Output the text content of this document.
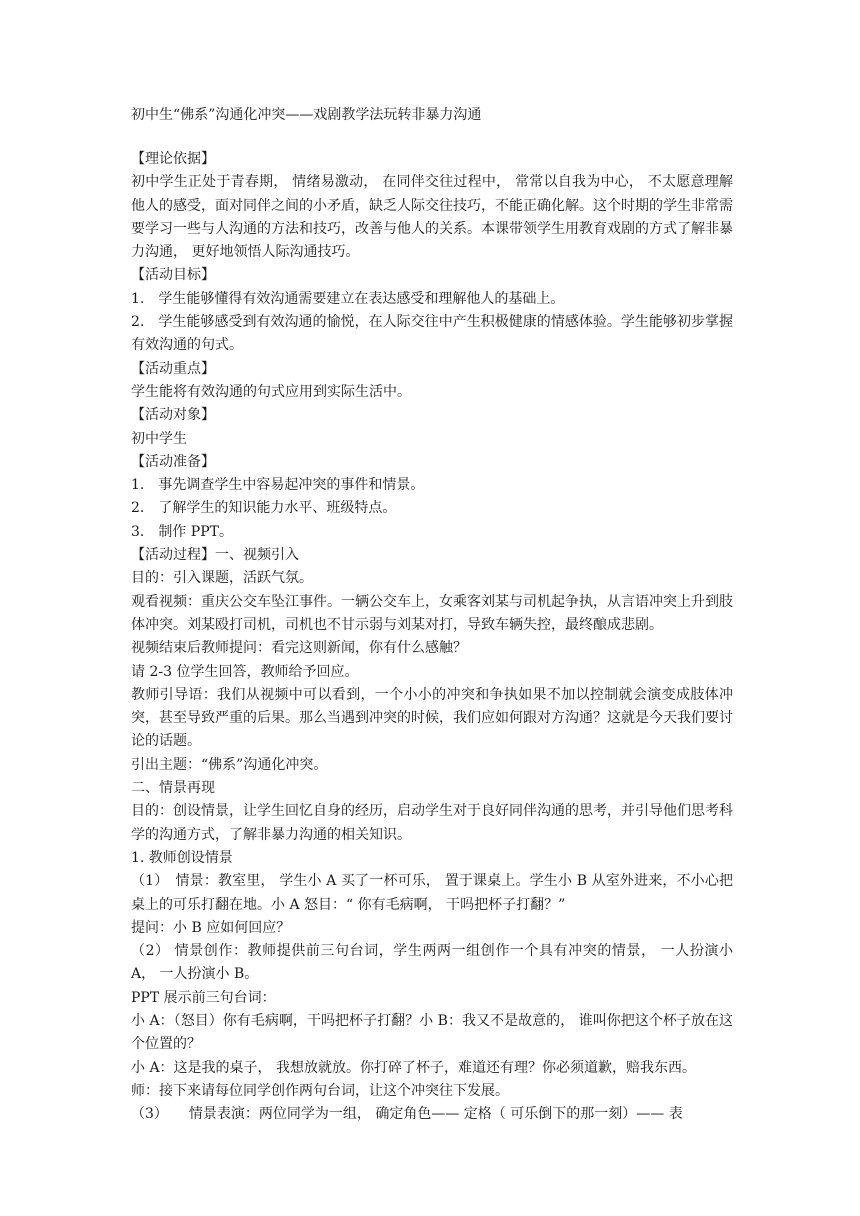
初中生“佛系”沟通化冲突——戏剧教学法玩转非暴力沟通

【理论依据】

初中学生正处于青春期， 情绪易激动， 在同伴交往过程中， 常常以自我为中心， 不太愿意理解他人的感受，面对同伴之间的小矛盾，缺乏人际交往技巧，不能正确化解。这个时期的学生非常需要学习一些与人沟通的方法和技巧，改善与他人的关系。本课带领学生用教育戏剧的方式了解非暴力沟通， 更好地领悟人际沟通技巧。

【活动目标】

1.　学生能够懂得有效沟通需要建立在表达感受和理解他人的基础上。

2.　学生能够感受到有效沟通的愉悦，在人际交往中产生积极健康的情感体验。学生能够初步掌握有效沟通的句式。

【活动重点】

学生能将有效沟通的句式应用到实际生活中。

【活动对象】

初中学生

【活动准备】

1.　事先调查学生中容易起冲突的事件和情景。

2.　了解学生的知识能力水平、班级特点。

3.　制作 PPT。

【活动过程】一、视频引入

目的：引入课题，活跃气氛。

观看视频：重庆公交车坠江事件。一辆公交车上，女乘客刘某与司机起争执，从言语冲突上升到肢体冲突。刘某殴打司机，司机也不甘示弱与刘某对打，导致车辆失控，最终酿成悲剧。

视频结束后教师提问：看完这则新闻，你有什么感触？

请 2-3 位学生回答，教师给予回应。

教师引导语：我们从视频中可以看到，一个小小的冲突和争执如果不加以控制就会演变成肢体冲突，甚至导致严重的后果。那么当遇到冲突的时候，我们应如何跟对方沟通？这就是今天我们要讨论的话题。

引出主题：“佛系”沟通化冲突。

二、情景再现

目的：创设情景，让学生回忆自身的经历，启动学生对于良好同伴沟通的思考，并引导他们思考科学的沟通方式，了解非暴力沟通的相关知识。

1. 教师创设情景

（1）　情景：教室里， 学生小 A 买了一杯可乐， 置于课桌上。学生小 B 从室外进来，不小心把桌上的可乐打翻在地。小 A 怒目：“ 你有毛病啊， 干吗把杯子打翻？”

提问：小 B 应如何回应？

（2） 情景创作：教师提供前三句台词，学生两两一组创作一个具有冲突的情景， 一人扮演小 A， 一人扮演小 B。

PPT 展示前三句台词：

小 A：（怒目）你有毛病啊，干吗把杯子打翻？小 B：我又不是故意的， 谁叫你把这个杯子放在这个位置的？

小 A：这是我的桌子， 我想放就放。你打碎了杯子，难道还有理？你必须道歉，赔我东西。

师：接下来请每位同学创作两句台词，让这个冲突往下发展。

（3）　　情景表演：两位同学为一组， 确定角色—— 定格（ 可乐倒下的那一刻）—— 表
